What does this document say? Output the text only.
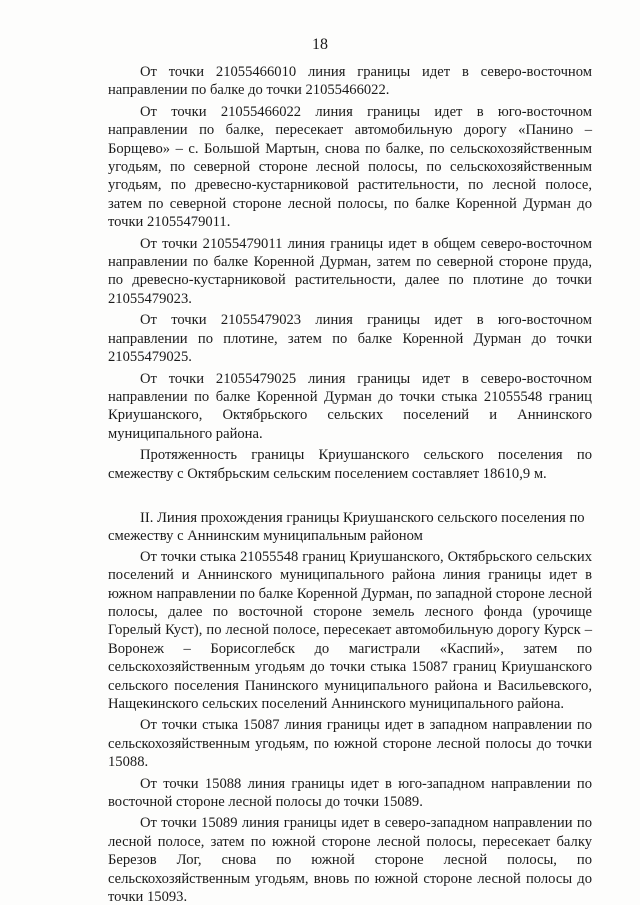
18

От точки 21055466010 линия границы идет в северо-восточном направлении по балке до точки 21055466022.

От точки 21055466022 линия границы идет в юго-восточном направлении по балке, пересекает автомобильную дорогу «Панино – Борщево» – с. Большой Мартын, снова по балке, по сельскохозяйственным угодьям, по северной стороне лесной полосы, по сельскохозяйственным угодьям, по древесно-кустарниковой растительности, по лесной полосе, затем по северной стороне лесной полосы, по балке Коренной Дурман до точки 21055479011.

От точки 21055479011 линия границы идет в общем северо-восточном направлении по балке Коренной Дурман, затем по северной стороне пруда, по древесно-кустарниковой растительности, далее по плотине до точки 21055479023.

От точки 21055479023 линия границы идет в юго-восточном направлении по плотине, затем по балке Коренной Дурман до точки 21055479025.

От точки 21055479025 линия границы идет в северо-восточном направлении по балке Коренной Дурман до точки стыка 21055548 границ Криушанского, Октябрьского сельских поселений и Аннинского муниципального района.

Протяженность границы Криушанского сельского поселения по смежеству с Октябрьским сельским поселением составляет 18610,9 м.

II. Линия прохождения границы Криушанского сельского поселения по смежеству с Аннинским муниципальным районом

От точки стыка 21055548 границ Криушанского, Октябрьского сельских поселений и Аннинского муниципального района линия границы идет в южном направлении по балке Коренной Дурман, по западной стороне лесной полосы, далее по восточной стороне земель лесного фонда (урочище Горелый Куст), по лесной полосе, пересекает автомобильную дорогу Курск – Воронеж – Борисоглебск до магистрали «Каспий», затем по сельскохозяйственным угодьям до точки стыка 15087 границ Криушанского сельского поселения Панинского муниципального района и Васильевского, Нащекинского сельских поселений Аннинского муниципального района.

От точки стыка 15087 линия границы идет в западном направлении по сельскохозяйственным угодьям, по южной стороне лесной полосы до точки 15088.

От точки 15088 линия границы идет в юго-западном направлении по восточной стороне лесной полосы до точки 15089.

От точки 15089 линия границы идет в северо-западном направлении по лесной полосе, затем по южной стороне лесной полосы, пересекает балку Березов Лог, снова по южной стороне лесной полосы, по сельскохозяйственным угодьям, вновь по южной стороне лесной полосы до точки 15093.
